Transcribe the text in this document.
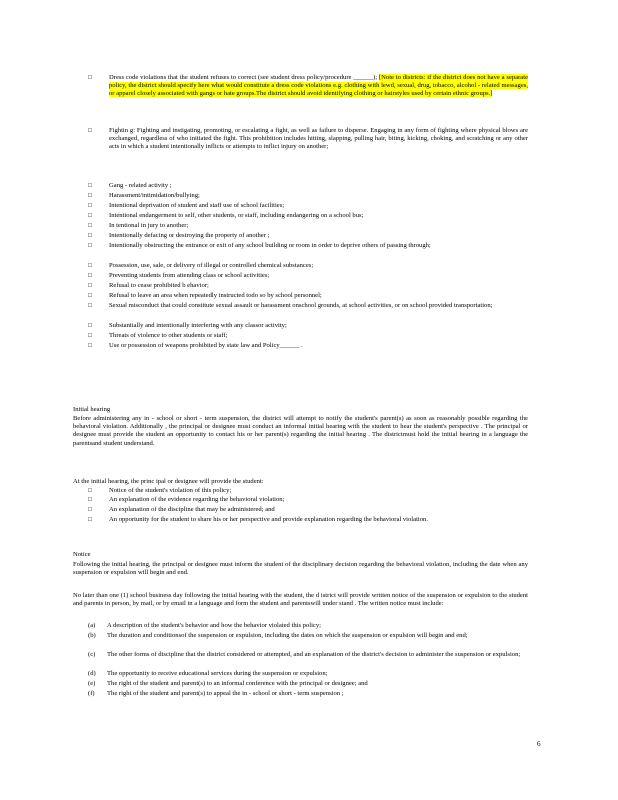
□	Dress code violations that the student refuses to correct (see student dress policy/procedure ______); [Note to districts: if the district does not have a separate policy, the district should specify here what would constitute a dress code violations e.g. clothing with lewd, sexual, drug, tobacco, alcohol - related messages, or apparel closely associated with gangs or hate groups.The district should avoid identifying clothing or hairstyles used by certain ethnic groups.]
□	Fightin g: Fighting and instigating, promoting, or escalating a fight, as well as failure to disperse. Engaging in any form of fighting where physical blows are exchanged, regardless of who initiated the fight. This prohibition includes hitting, slapping, pulling hair, biting, kicking, choking, and scratching or any other acts in which a student intentionally inflicts or attempts to inflict injury on another;
□	Gang - related activity ;
□	Harassment/intimidation/bullying;
□	Intentional deprivation of student and staff use of school facilities;
□	Intentional endangerment to self, other students, or staff, including endangering on a school bus;
□	In tentional in jury to another;
□	Intentionally defacing or destroying the property of another ;
□	Intentionally obstructing the entrance or exit of any school building or room in order to deprive others of passing through;
□	Possession, use, sale, or delivery of illegal or controlled chemical substances;
□	Preventing students from attending class or school activities;
□	Refusal to cease prohibited b ehavior;
□	Refusal to leave an area when repeatedly instructed todo so by school personnel;
□	Sexual misconduct that could constitute sexual assault or harassment onschool grounds, at school activities, or on school provided transportation;
□	Substantially and intentionally interfering with any classor activity;
□	Threats of violence to other students or staff;
□	Use or possession of weapons prohibited by state law and Policy______ .
Initial hearing
Before administering any in - school or short - term suspension, the district will attempt to notify the student's parent(s) as soon as reasonably possible regarding the behavioral violation. Additionally , the principal or designee must conduct an informal initial hearing with the student to hear the student's perspective . The principal or designee must provide the student an opportunity to contact his or her parent(s) regarding the initial hearing . The districtmust hold the initial hearing in a language the parentsand student understand.
At the initial hearing, the princ ipal or designee will provide the student:
□	Notice of the student's violation of this policy;
□	An explanation of the evidence regarding the behavioral violation;
□	An explanation of the discipline that may be administered; and
□	An opportunity for the student to share his or her perspective and provide explanation regarding the behavioral violation.
Notice
Following the initial hearing, the principal or designee must inform the student of the disciplinary decision regarding the behavioral violation, including the date when any suspension or expulsion will begin and end.
No later than one (1) school business day following the initial hearing with the student, the d istrict will provide written notice of the suspension or expulsion to the student and parents in person, by mail, or by email in a language and form the student and parentswill under stand . The written notice must include:
(a) A description of the student's behavior and how the behavior violated this policy;
(b) The duration and conditionsof the suspension or expulsion, including the dates on which the suspension or expulsion will begin and end;
(c) The other forms of discipline that the district considered or attempted, and an explanation of the district's decision to administer the suspension or expulsion;
(d) The opportunity to receive educational services during the suspension or expulsion;
(e) The right of the student and parent(s) to an informal conference with the principal or designee; and
(f) The right of the student and parent(s) to appeal the in - school or short - term suspension ;
6
